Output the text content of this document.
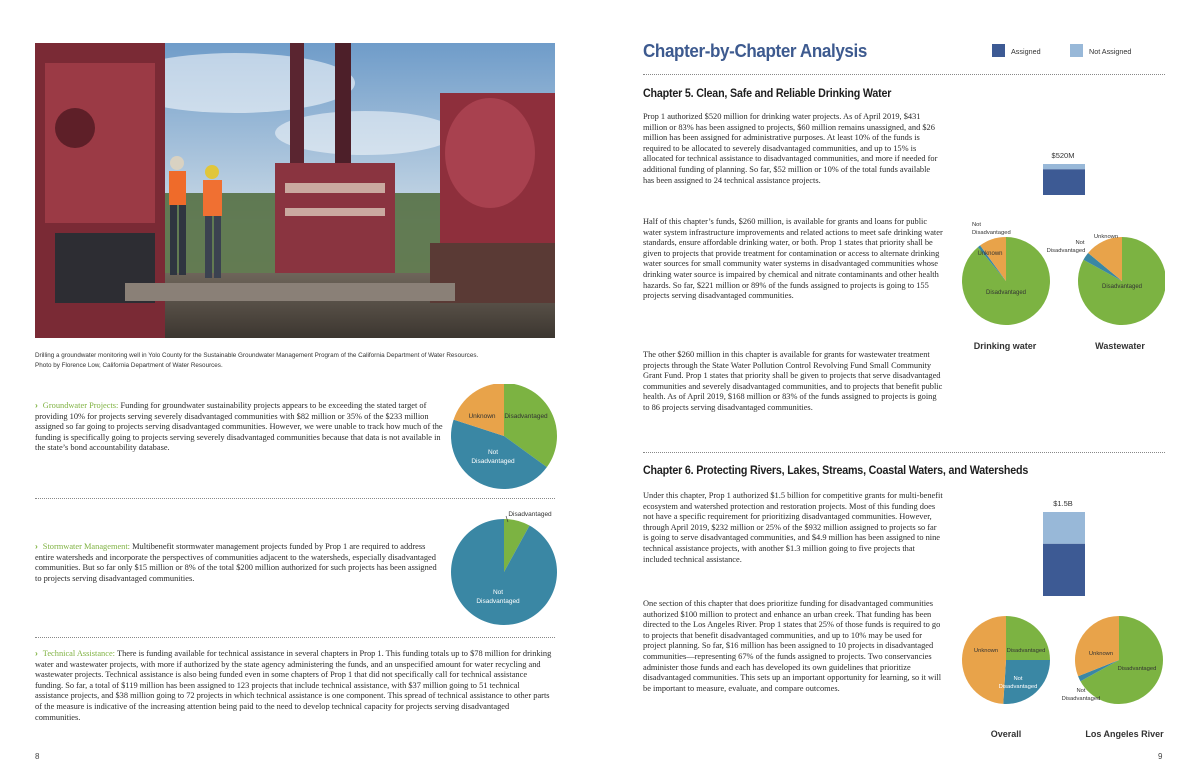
Drilling a groundwater monitoring well in Yolo County for the Sustainable Groundwater Management Program of the California Department of Water Resources.
Photo by Florence Low, California Department of Water Resources.
› Groundwater Projects: Funding for groundwater sustainability projects appears to be exceeding the stated target of providing 10% for projects serving severely disadvantaged communities with $82 million or 35% of the $233 million assigned so far going to projects serving disadvantaged communities. However, we were unable to track how much of the funding is specifically going to projects serving severely disadvantaged communities because that data is not available in the state’s bond accountability database.
Unknown Disadvantaged
Not
Disadvantaged
› Stormwater Management: Multibenefit stormwater management projects funded by Prop 1 are required to address entire watersheds and incorporate the perspectives of communities adjacent to the watersheds, especially disadvantaged communities. But so far only $15 million or 8% of the total $200 million authorized for such projects has been assigned to projects serving disadvantaged communities.
Disadvantaged
Not
Disadvantaged
› Technical Assistance: There is funding available for technical assistance in several chapters in Prop 1. This funding totals up to $78 million for drinking water and wastewater projects, with more if authorized by the state agency administering the funds, and an unspecified amount for water recycling and wastewater projects. Technical assistance is also being funded even in some chapters of Prop 1 that did not specifically call for technical assistance funding. So far, a total of $119 million has been assigned to 123 projects that include technical assistance, with $37 million going to 51 technical assistance projects, and $38 million going to 72 projects in which technical assistance is one component. This spread of technical assistance to other parts of the measure is indicative of the increasing attention being paid to the need to develop technical capacity for projects serving disadvantaged communities.
8
Chapter-by-Chapter Analysis	Assigned	Not Assigned
Chapter 5. Clean, Safe and Reliable Drinking Water
Prop 1 authorized $520 million for drinking water projects. As of April 2019, $431 million or 83% has been assigned to projects, $60 million remains unassigned, and $26 million has been assigned for administrative purposes. At least 10% of the funds is required to be allocated to severely disadvantaged communities, and up to 15% is allocated for technical assistance to disadvantaged communities, and more if needed for additional funding of planning. So far, $52 million or 10% of the total funds available has been assigned to 24 technical assistance projects.
Half of this chapter’s funds, $260 million, is available for grants and loans for public water system infrastructure improvements and related actions to meet safe drinking water standards, ensure affordable drinking water, or both. Prop 1 states that priority shall be given to projects that provide treatment for contamination or access to alternate drinking water sources for small community water systems in disadvantaged communities whose drinking water source is impaired by chemical and nitrate contaminants and other health hazards. So far, $221 million or 89% of the funds assigned to projects is going to 155 projects serving disadvantaged communities.
The other $260 million in this chapter is available for grants for wastewater treatment projects through the State Water Pollution Control Revolving Fund Small Community Grant Fund. Prop 1 states that priority shall be given to projects that serve disadvantaged communities and severely disadvantaged communities, and to projects that benefit public health. As of April 2019, $168 million or 83% of the funds assigned to projects is going to 86 projects serving disadvantaged communities.
$520M
Not
Disadvantaged
Unknown
Disadvantaged
Drinking water
Unknown
Not
Disadvantaged
Disadvantaged
Wastewater
Chapter 6. Protecting Rivers, Lakes, Streams, Coastal Waters, and Watersheds
Under this chapter, Prop 1 authorized $1.5 billion for competitive grants for multi-benefit ecosystem and watershed protection and restoration projects. Most of this funding does not have a specific requirement for prioritizing disadvantaged communities. However, through April 2019, $232 million or 25% of the $932 million assigned to projects so far is going to serve disadvantaged communities, and $4.9 million has been assigned to nine technical assistance projects, with another $1.3 million going to five projects that included technical assistance.
One section of this chapter that does prioritize funding for disadvantaged communities authorized $100 million to protect and enhance an urban creek. That funding has been directed to the Los Angeles River. Prop 1 states that 25% of those funds is required to go to projects that benefit disadvantaged communities, and up to 10% may be used for project planning. So far, $16 million has been assigned to 10 projects in disadvantaged communities—representing 67% of the funds assigned to projects. Two conservancies administer those funds and each has developed its own guidelines that prioritize disadvantaged communities. This sets up an important opportunity for learning, so it will be important to measure, evaluate, and compare outcomes.
$1.5B
Unknown Disadvantaged
Not
Disadvantaged
Overall
Unknown
Disadvantaged
Not
Disadvantaged
Los Angeles River
9
